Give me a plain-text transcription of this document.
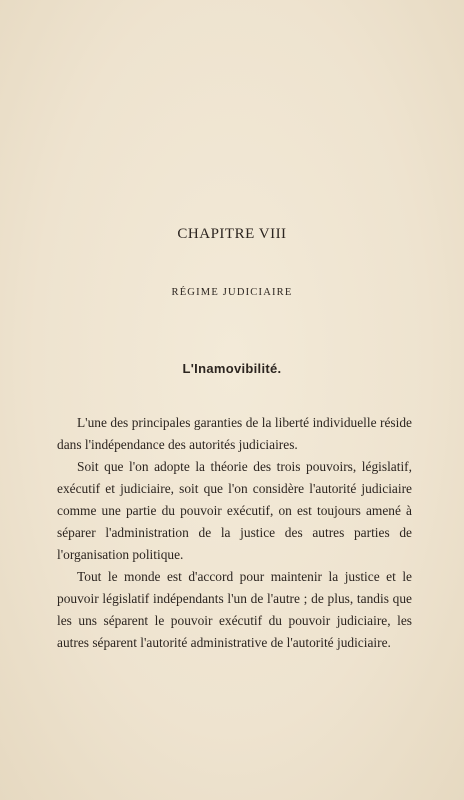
CHAPITRE VIII
RÉGIME JUDICIAIRE
L'Inamovibilité.

L'une des principales garanties de la liberté individuelle réside dans l'indépendance des autorités judiciaires.

Soit que l'on adopte la théorie des trois pouvoirs, législatif, exécutif et judiciaire, soit que l'on considère l'autorité judiciaire comme une partie du pouvoir exécutif, on est toujours amené à séparer l'administration de la justice des autres parties de l'organisation politique.

Tout le monde est d'accord pour maintenir la justice et le pouvoir législatif indépendants l'un de l'autre ; de plus, tandis que les uns séparent le pouvoir exécutif du pouvoir judiciaire, les autres séparent l'autorité administrative de l'autorité judiciaire.
